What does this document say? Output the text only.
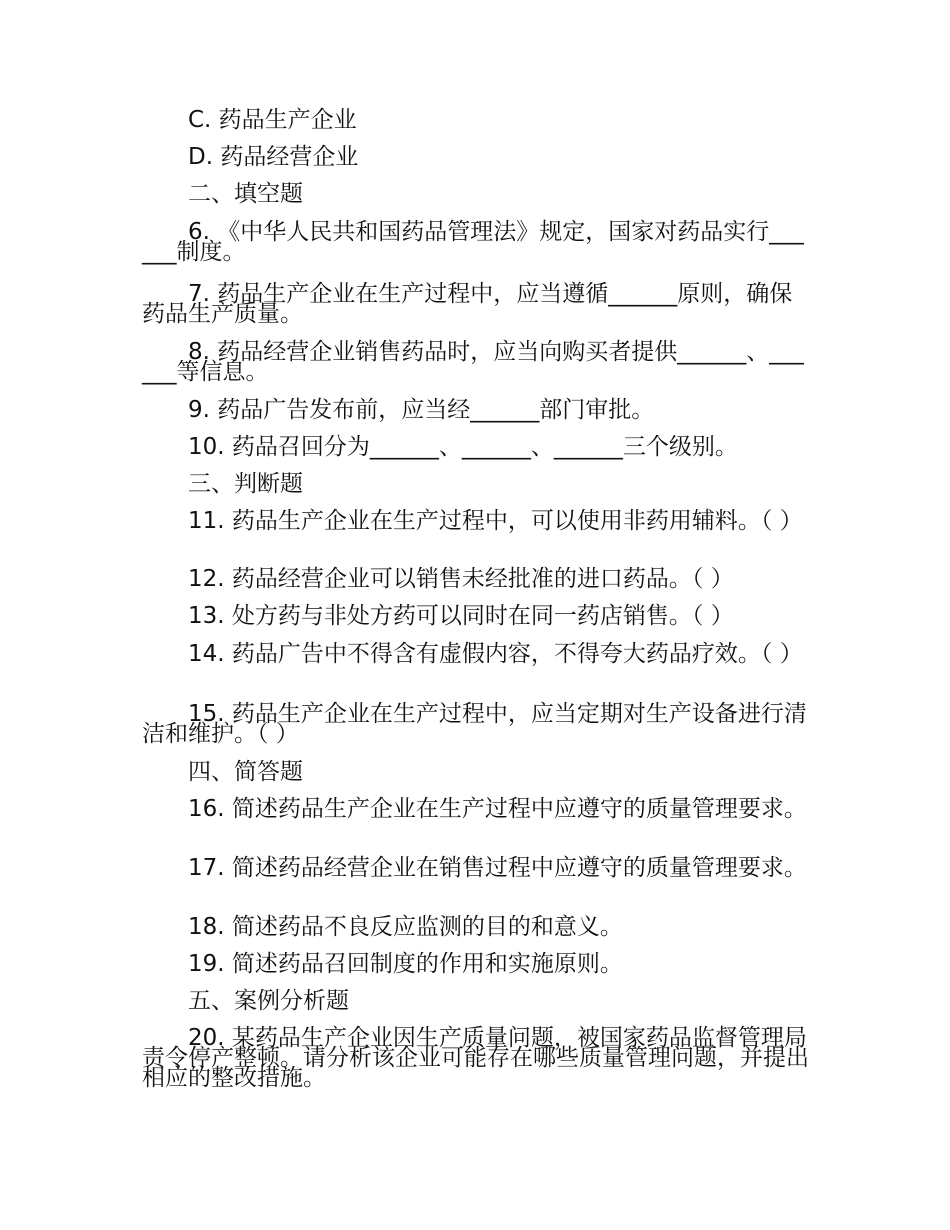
C. 药品生产企业

D. 药品经营企业

二、填空题

6. 《中华人民共和国药品管理法》规定，国家对药品实行______制度。

7. 药品生产企业在生产过程中，应当遵循______原则，确保药品生产质量。

8. 药品经营企业销售药品时，应当向购买者提供______、______等信息。

9. 药品广告发布前，应当经______部门审批。

10. 药品召回分为______、______、______三个级别。

三、判断题

11. 药品生产企业在生产过程中，可以使用非药用辅料。（ ）

12. 药品经营企业可以销售未经批准的进口药品。（ ）

13. 处方药与非处方药可以同时在同一药店销售。（ ）

14. 药品广告中不得含有虚假内容，不得夸大药品疗效。（ ）

15. 药品生产企业在生产过程中，应当定期对生产设备进行清洁和维护。（ ）

四、简答题

16. 简述药品生产企业在生产过程中应遵守的质量管理要求。

17. 简述药品经营企业在销售过程中应遵守的质量管理要求。

18. 简述药品不良反应监测的目的和意义。

19. 简述药品召回制度的作用和实施原则。

五、案例分析题

20. 某药品生产企业因生产质量问题，被国家药品监督管理局责令停产整顿。请分析该企业可能存在哪些质量管理问题，并提出相应的整改措施。
